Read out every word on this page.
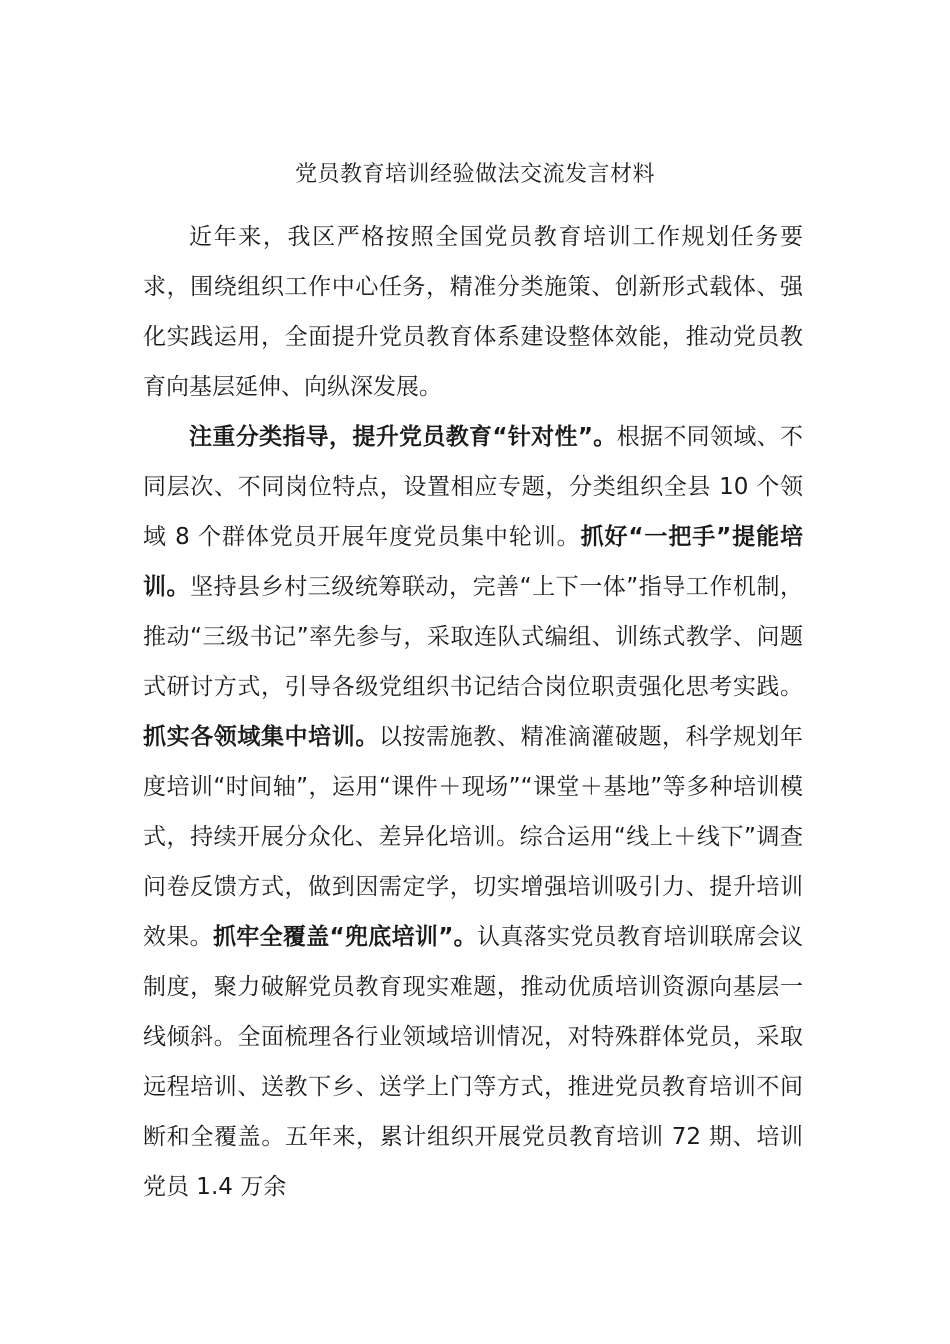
党员教育培训经验做法交流发言材料

近年来，我区严格按照全国党员教育培训工作规划任务要求，围绕组织工作中心任务，精准分类施策、创新形式载体、强化实践运用，全面提升党员教育体系建设整体效能，推动党员教育向基层延伸、向纵深发展。

注重分类指导，提升党员教育“针对性”。根据不同领域、不同层次、不同岗位特点，设置相应专题，分类组织全县 10 个领域 8 个群体党员开展年度党员集中轮训。抓好“一把手”提能培训。坚持县乡村三级统筹联动，完善“上下一体”指导工作机制，推动“三级书记”率先参与，采取连队式编组、训练式教学、问题式研讨方式，引导各级党组织书记结合岗位职责强化思考实践。抓实各领域集中培训。以按需施教、精准滴灌破题，科学规划年度培训“时间轴”，运用“课件＋现场”“课堂＋基地”等多种培训模式，持续开展分众化、差异化培训。综合运用“线上＋线下”调查问卷反馈方式，做到因需定学，切实增强培训吸引力、提升培训效果。抓牢全覆盖“兜底培训”。认真落实党员教育培训联席会议制度，聚力破解党员教育现实难题，推动优质培训资源向基层一线倾斜。全面梳理各行业领域培训情况，对特殊群体党员，采取远程培训、送教下乡、送学上门等方式，推进党员教育培训不间断和全覆盖。五年来，累计组织开展党员教育培训 72 期、培训党员 1.4 万余
